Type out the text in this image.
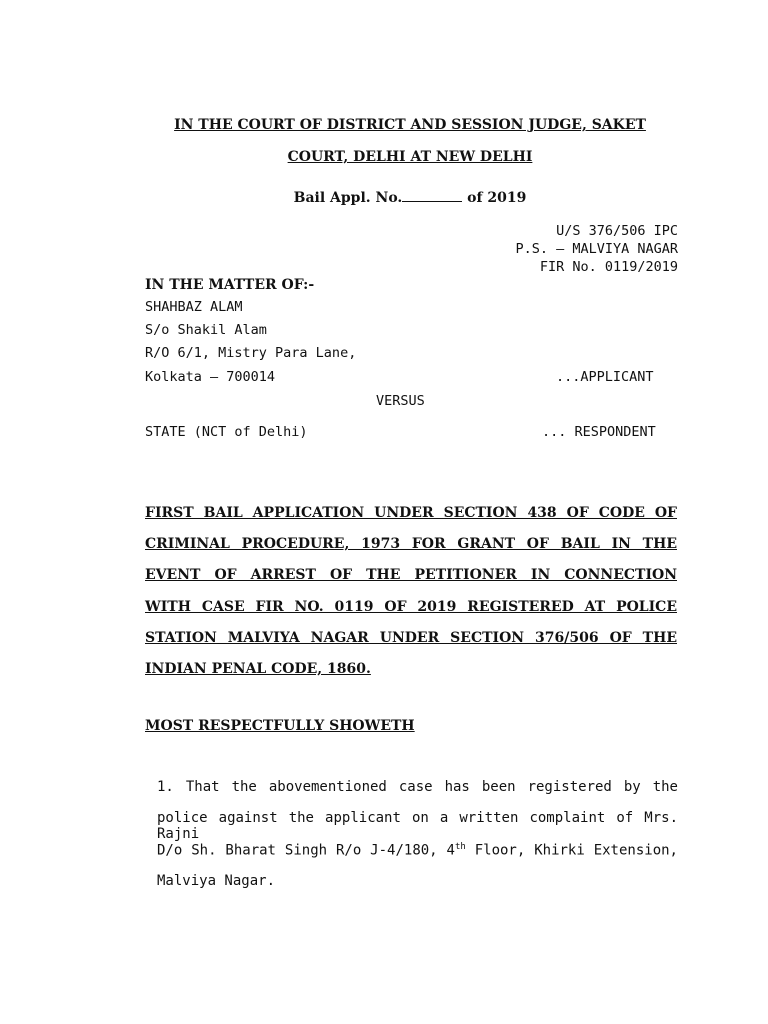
IN THE COURT OF DISTRICT AND SESSION JUDGE, SAKET
COURT, DELHI AT NEW DELHI
Bail Appl. No.	of 2019
U/S 376/506 IPC
P.S. – MALVIYA NAGAR
FIR No. 0119/2019
IN THE MATTER OF:-
SHAHBAZ ALAM
S/o Shakil Alam
R/O 6/1, Mistry Para Lane,
Kolkata – 700014	...APPLICANT
VERSUS
STATE (NCT of Delhi)	... RESPONDENT
FIRST BAIL APPLICATION UNDER SECTION 438 OF CODE OF
CRIMINAL PROCEDURE, 1973 FOR GRANT OF BAIL IN THE
EVENT OF ARREST OF THE PETITIONER IN CONNECTION
WITH CASE FIR NO. 0119 OF 2019 REGISTERED AT POLICE
STATION MALVIYA NAGAR UNDER SECTION 376/506 OF THE
INDIAN PENAL CODE, 1860.
MOST RESPECTFULLY SHOWETH
1. That the abovementioned case has been registered by the
police against the applicant on a written complaint of Mrs. Rajni
D/o Sh. Bharat Singh R/o J-4/180, 4th Floor, Khirki Extension,
Malviya Nagar.
